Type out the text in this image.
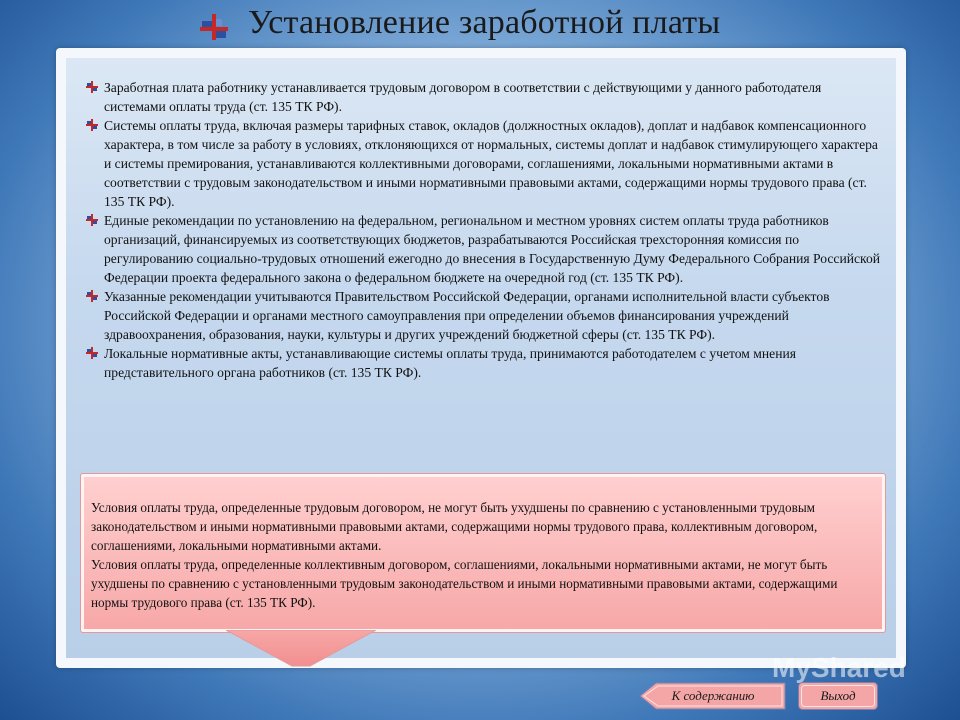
Установление заработной платы
Заработная плата работнику устанавливается трудовым договором в соответствии с действующими у данного работодателя системами оплаты труда (ст. 135 ТК РФ).
Системы оплаты труда, включая размеры тарифных ставок, окладов (должностных окладов), доплат и надбавок компенсационного характера, в том числе за работу в условиях, отклоняющихся от нормальных, системы доплат и надбавок стимулирующего характера и системы премирования, устанавливаются коллективными договорами, соглашениями, локальными нормативными актами в соответствии с трудовым законодательством и иными нормативными правовыми актами, содержащими нормы трудового права (ст. 135 ТК РФ).
Единые рекомендации по установлению на федеральном, региональном и местном уровнях систем оплаты труда работников организаций, финансируемых из соответствующих бюджетов, разрабатываются Российская трехсторонняя комиссия по регулированию социально-трудовых отношений ежегодно до внесения в Государственную Думу Федерального Собрания Российской Федерации проекта федерального закона о федеральном бюджете на очередной год (ст. 135 ТК РФ).
Указанные рекомендации учитываются Правительством Российской Федерации, органами исполнительной власти субъектов Российской Федерации и органами местного самоуправления при определении объемов финансирования учреждений здравоохранения, образования, науки, культуры и других учреждений бюджетной сферы (ст. 135 ТК РФ).
Локальные нормативные акты, устанавливающие системы оплаты труда, принимаются работодателем с учетом мнения представительного органа работников (ст. 135 ТК РФ).
Условия оплаты труда, определенные трудовым договором, не могут быть ухудшены по сравнению с установленными трудовым законодательством и иными нормативными правовыми актами, содержащими нормы трудового права, коллективным договором, соглашениями, локальными нормативными актами.
Условия оплаты труда, определенные коллективным договором, соглашениями, локальными нормативными актами, не могут быть ухудшены по сравнению с установленными трудовым законодательством и иными нормативными правовыми актами, содержащими нормы трудового права (ст. 135 ТК РФ).
MyShared
К содержанию	Выход
